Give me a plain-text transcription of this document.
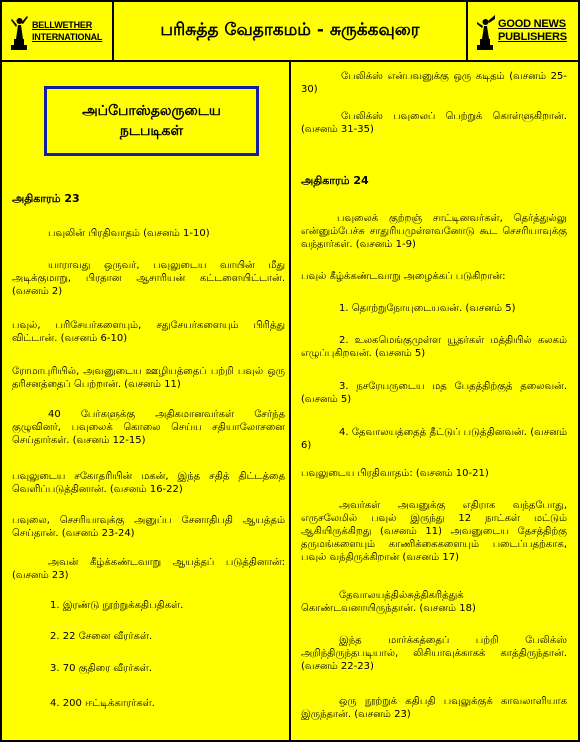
BELLWETHER
INTERNATIONAL	பரிசுத்த வேதாகமம் - சுருக்கவுரை	GOOD NEWS
PUBLISHERS
அப்போஸ்தலருடைய
நடபடிகள்
அதிகாரம் 23
பவுலின் பிரதிவாதம் (வசனம் 1-10)
யாராவது ஒருவர், பவுலுடைய வாயின் மீது அடிக்குமாறு, பிரதான ஆசாரியன் கட்டளையிட்டான். (வசனம் 2)
பவுல், பரிசேயர்களையும், சதுசேயர்களையும் பிரித்து விட்டான். (வசனம் 6-10)
ரோமாபுரியில், அவனுடைய ஊழியத்தைப் பற்றி பவுல் ஒரு தரிசனத்தைப் பெற்றான். (வசனம் 11)
40 பேர்களுக்கு அதிகமானவர்கள் சேர்ந்த குழுவினர், பவுலைக் கொலை செய்ய சதியாலோசனை செய்தார்கள். (வசனம் 12-15)
பவுலுடைய சகோதரியின் மகன், இந்த சதித் திட்டத்தை வெளிப்படுத்தினான். (வசனம் 16-22)
பவுலை, செசரியாவுக்கு அனுப்ப சேனாதிபதி ஆயத்தம் செய்தான். (வசனம் 23-24)
அவன் கீழ்க்கண்டவாறு ஆயத்தப் படுத்தினான்: (வசனம் 23)
1. இரண்டு நூற்றுக்கதிபதிகள்.
2. 22 சேனை வீரர்கள்.
3. 70 குதிரை வீரர்கள்.
4. 200 ஈட்டிக்காரர்கள்.
பேலிக்ஸ் என்பவனுக்கு ஒரு கடிதம் (வசனம் 25-30)
பேலிக்ஸ் பவுலைப் பெற்றுக் கொள்ளுகிறான். (வசனம் 31-35)
அதிகாரம் 24
பவுலைக் குற்றஞ் சாட்டினவர்கள், தெர்த்துல்லு என்னும்பேச்சு சாதுரியமுள்ளவனோடு கூட செசரியாவுக்கு வந்தார்கள். (வசனம் 1-9)
பவுல் கீழ்க்கண்டவாறு அழைக்கப் படுகிறான்:
1. தொற்றுநோயுடையவன். (வசனம் 5)
2. உலகமெங்குமுள்ள யூதர்கள் மத்தியில் கலகம் எழுப்புகிறவன். (வசனம் 5)
3. நசரேயருடைய மத பேதத்திற்குத் தலைவன். (வசனம் 5)
4. தேவாலயத்தைத் தீட்டுப் படுத்தினவன். (வசனம் 6)
பவுலுடைய பிரதிவாதம்: (வசனம் 10-21)
அவர்கள் அவனுக்கு எதிராக வந்தபோது, எருசலேமில் பவுல் இருந்து 12 நாட்கள் மட்டும் ஆகியிருக்கிறது (வசனம் 11) அவனுடைய தேசத்திற்கு தருமங்களையும் காணிக்கைகளையும் படைப்பதற்காக, பவுல் வந்திருக்கிறான் (வசனம் 17)
தேவாலயத்தில்சுத்திகரித்துக் கொண்டவனாயிருந்தான். (வசனம் 18)
இந்த மார்க்கத்தைப் பற்றி பேலிக்ஸ் அறிந்திருந்தபடியால், லிசியாவுக்காகக் காத்திருந்தான். (வசனம் 22-23)
ஒரு நூற்றுக் கதிபதி பவுலுக்குக் காவலாளியாக இருந்தான். (வசனம் 23)
